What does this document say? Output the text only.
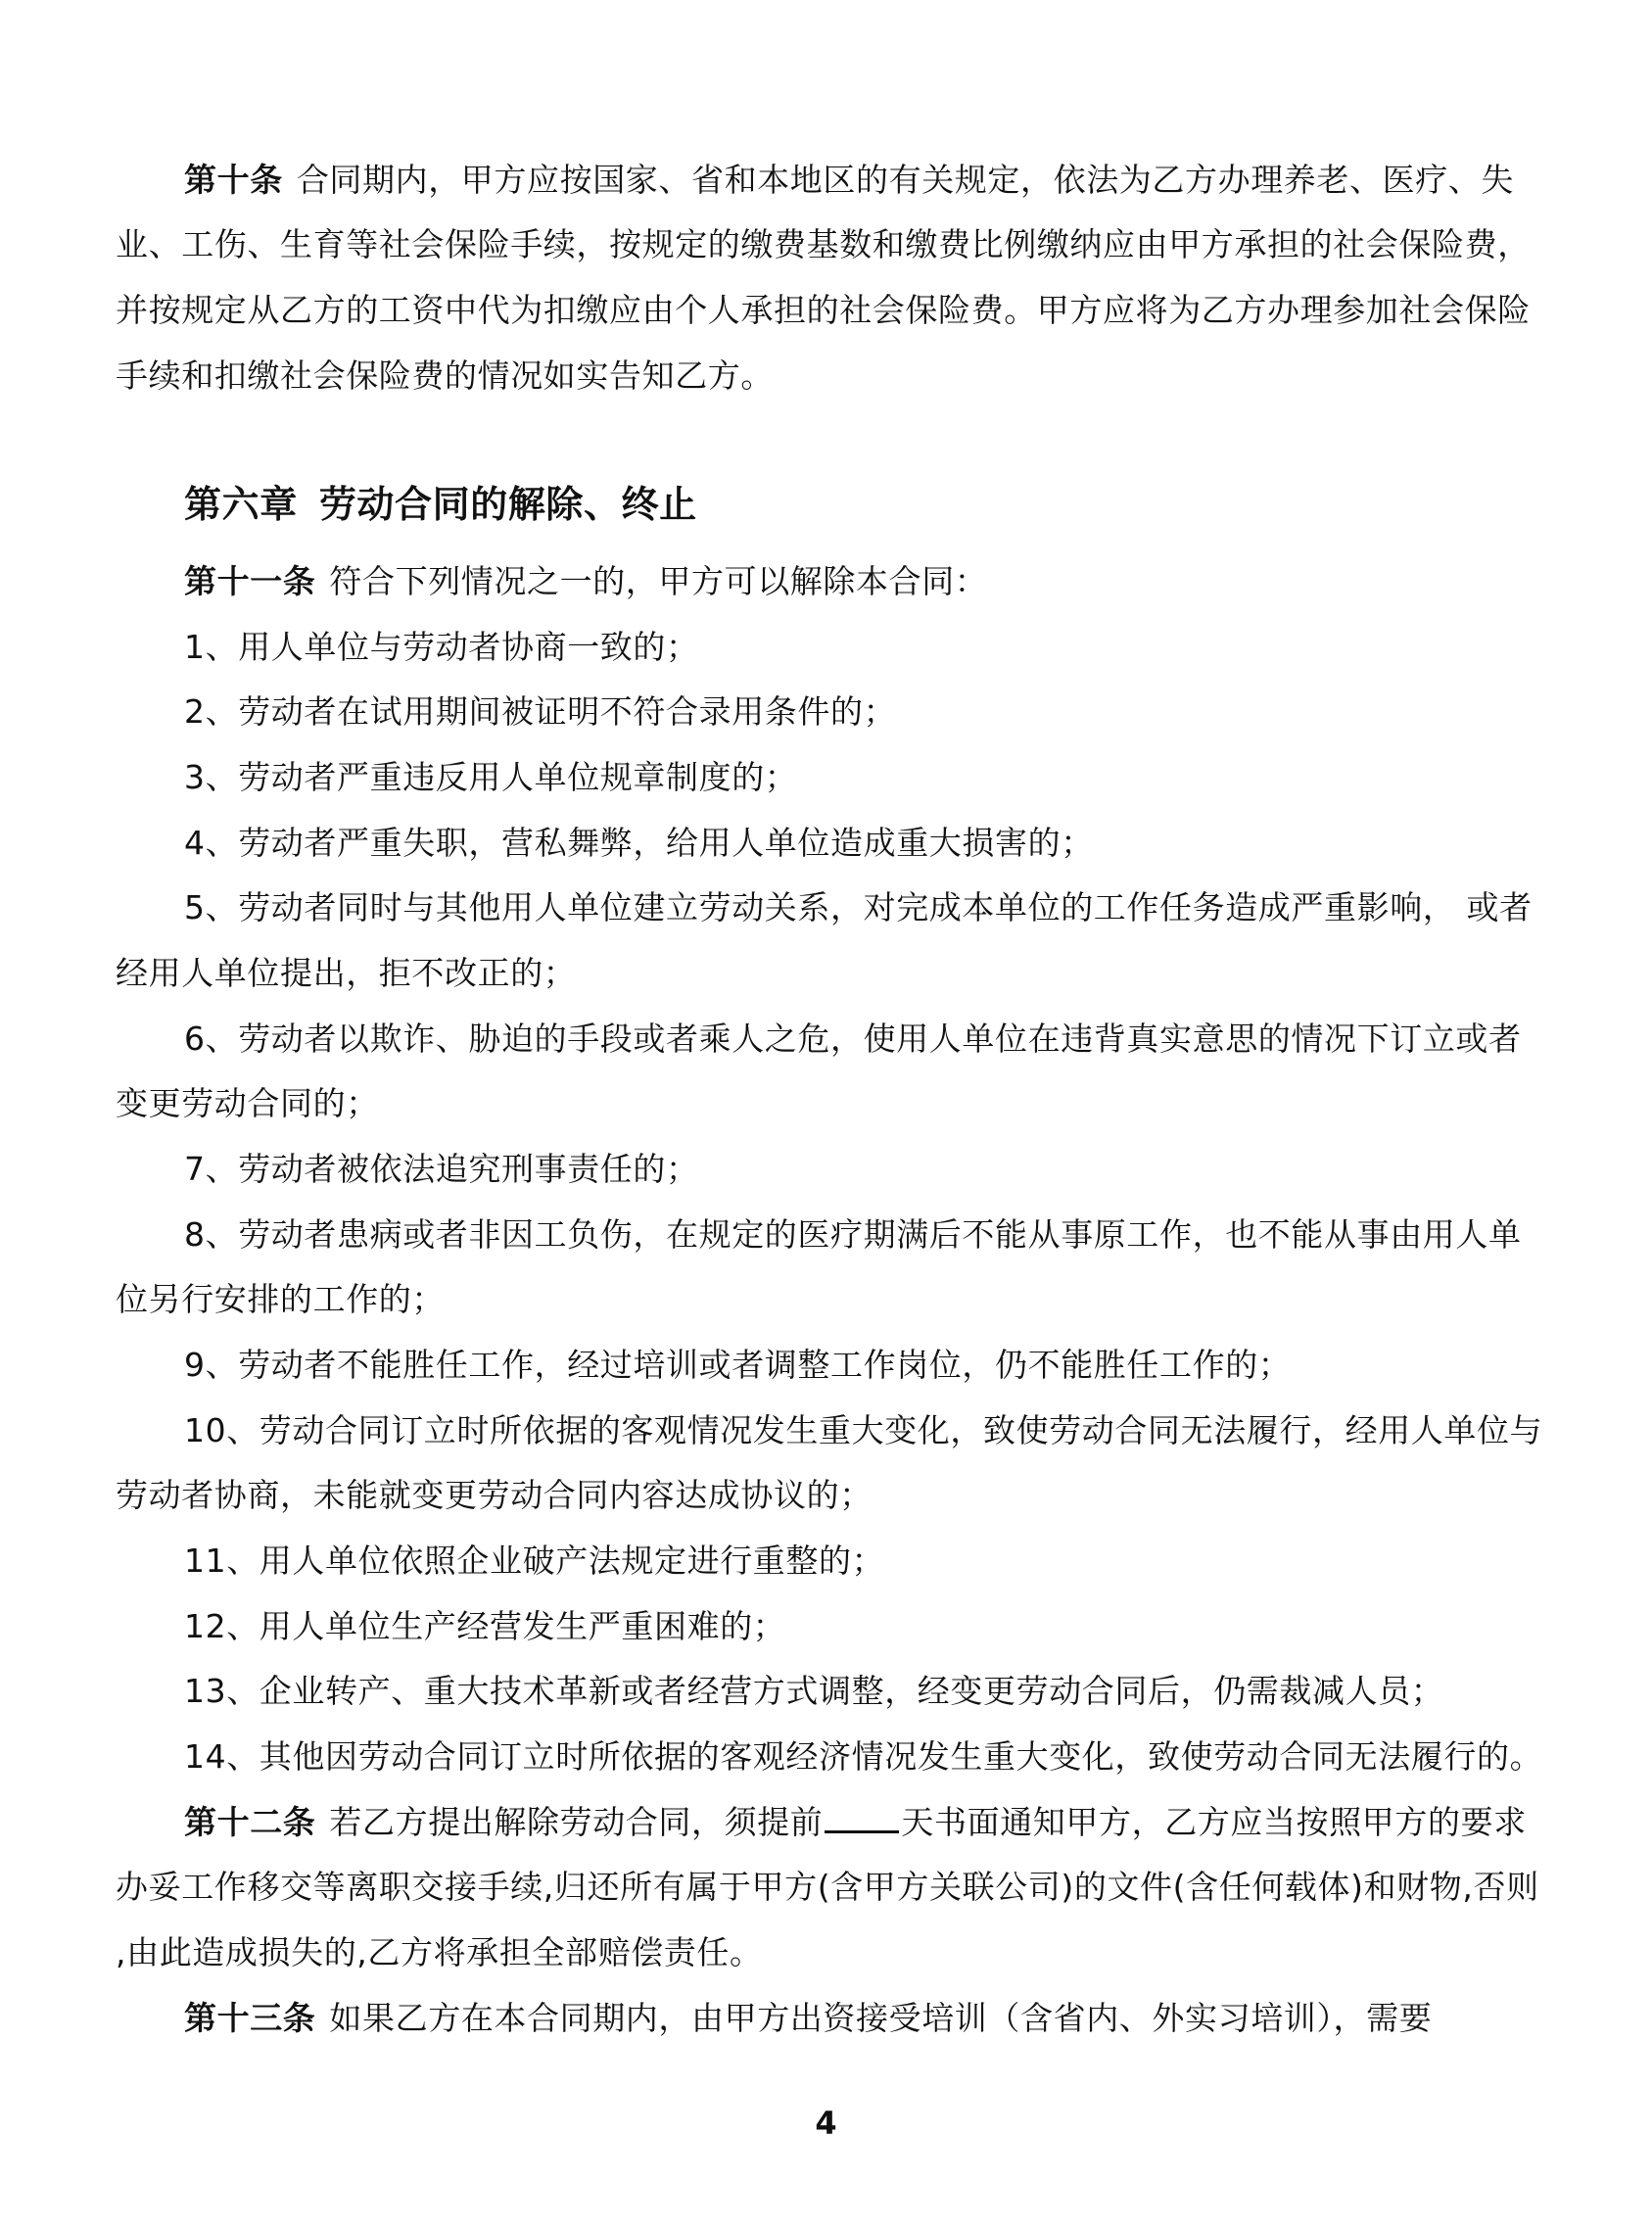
第十条 合同期内，甲方应按国家、省和本地区的有关规定，依法为乙方办理养老、医疗、失
业、工伤、生育等社会保险手续，按规定的缴费基数和缴费比例缴纳应由甲方承担的社会保险费，
并按规定从乙方的工资中代为扣缴应由个人承担的社会保险费。甲方应将为乙方办理参加社会保险
手续和扣缴社会保险费的情况如实告知乙方。
第六章 劳动合同的解除、终止
第十一条 符合下列情况之一的，甲方可以解除本合同：
1、用人单位与劳动者协商一致的；
2、劳动者在试用期间被证明不符合录用条件的；
3、劳动者严重违反用人单位规章制度的；
4、劳动者严重失职，营私舞弊，给用人单位造成重大损害的；
5、劳动者同时与其他用人单位建立劳动关系，对完成本单位的工作任务造成严重影响， 或者
经用人单位提出，拒不改正的；
6、劳动者以欺诈、胁迫的手段或者乘人之危，使用人单位在违背真实意思的情况下订立或者
变更劳动合同的；
7、劳动者被依法追究刑事责任的；
8、劳动者患病或者非因工负伤，在规定的医疗期满后不能从事原工作，也不能从事由用人单
位另行安排的工作的；
9、劳动者不能胜任工作，经过培训或者调整工作岗位，仍不能胜任工作的；
10、劳动合同订立时所依据的客观情况发生重大变化，致使劳动合同无法履行，经用人单位与
劳动者协商，未能就变更劳动合同内容达成协议的；
11、用人单位依照企业破产法规定进行重整的；
12、用人单位生产经营发生严重困难的；
13、企业转产、重大技术革新或者经营方式调整，经变更劳动合同后，仍需裁减人员；
14、其他因劳动合同订立时所依据的客观经济情况发生重大变化，致使劳动合同无法履行的。
第十二条 若乙方提出解除劳动合同，须提前 天书面通知甲方，乙方应当按照甲方的要求
办妥工作移交等离职交接手续,归还所有属于甲方(含甲方关联公司)的文件(含任何载体)和财物,否则
,由此造成损失的,乙方将承担全部赔偿责任。
第十三条 如果乙方在本合同期内，由甲方出资接受培训（含省内、外实习培训），需要
4
